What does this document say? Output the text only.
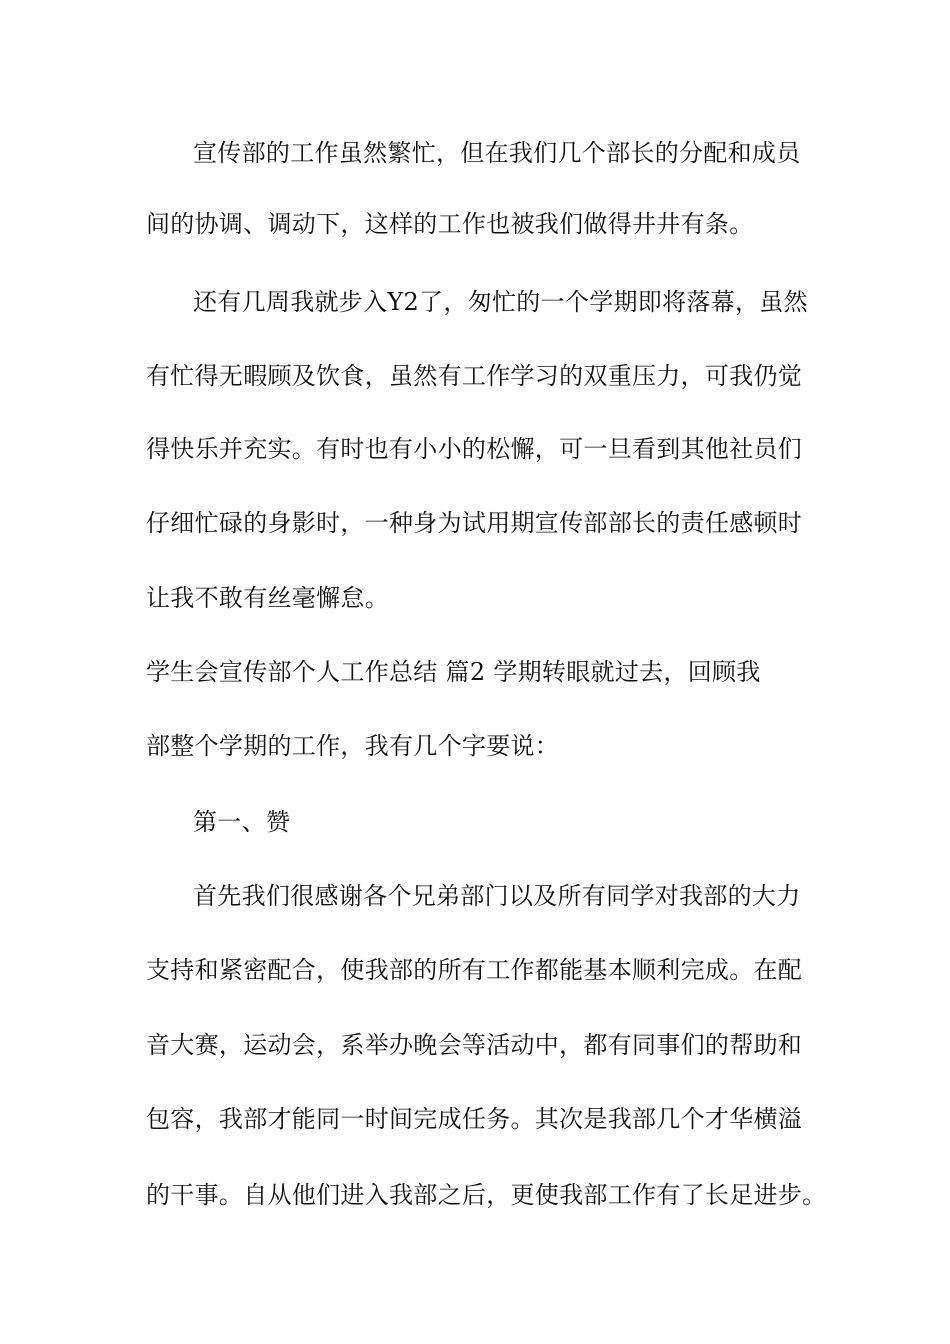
宣传部的工作虽然繁忙，但在我们几个部长的分配和成员
间的协调、调动下，这样的工作也被我们做得井井有条。
还有几周我就步入Y2了，匆忙的一个学期即将落幕，虽然
有忙得无暇顾及饮食，虽然有工作学习的双重压力，可我仍觉
得快乐并充实。有时也有小小的松懈，可一旦看到其他社员们
仔细忙碌的身影时，一种身为试用期宣传部部长的责任感顿时
让我不敢有丝毫懈怠。
学生会宣传部个人工作总结 篇2 学期转眼就过去，回顾我
部整个学期的工作，我有几个字要说：
第一、赞
首先我们很感谢各个兄弟部门以及所有同学对我部的大力
支持和紧密配合，使我部的所有工作都能基本顺利完成。在配
音大赛，运动会，系举办晚会等活动中，都有同事们的帮助和
包容，我部才能同一时间完成任务。其次是我部几个才华横溢
的干事。自从他们进入我部之后，更使我部工作有了长足进步。
